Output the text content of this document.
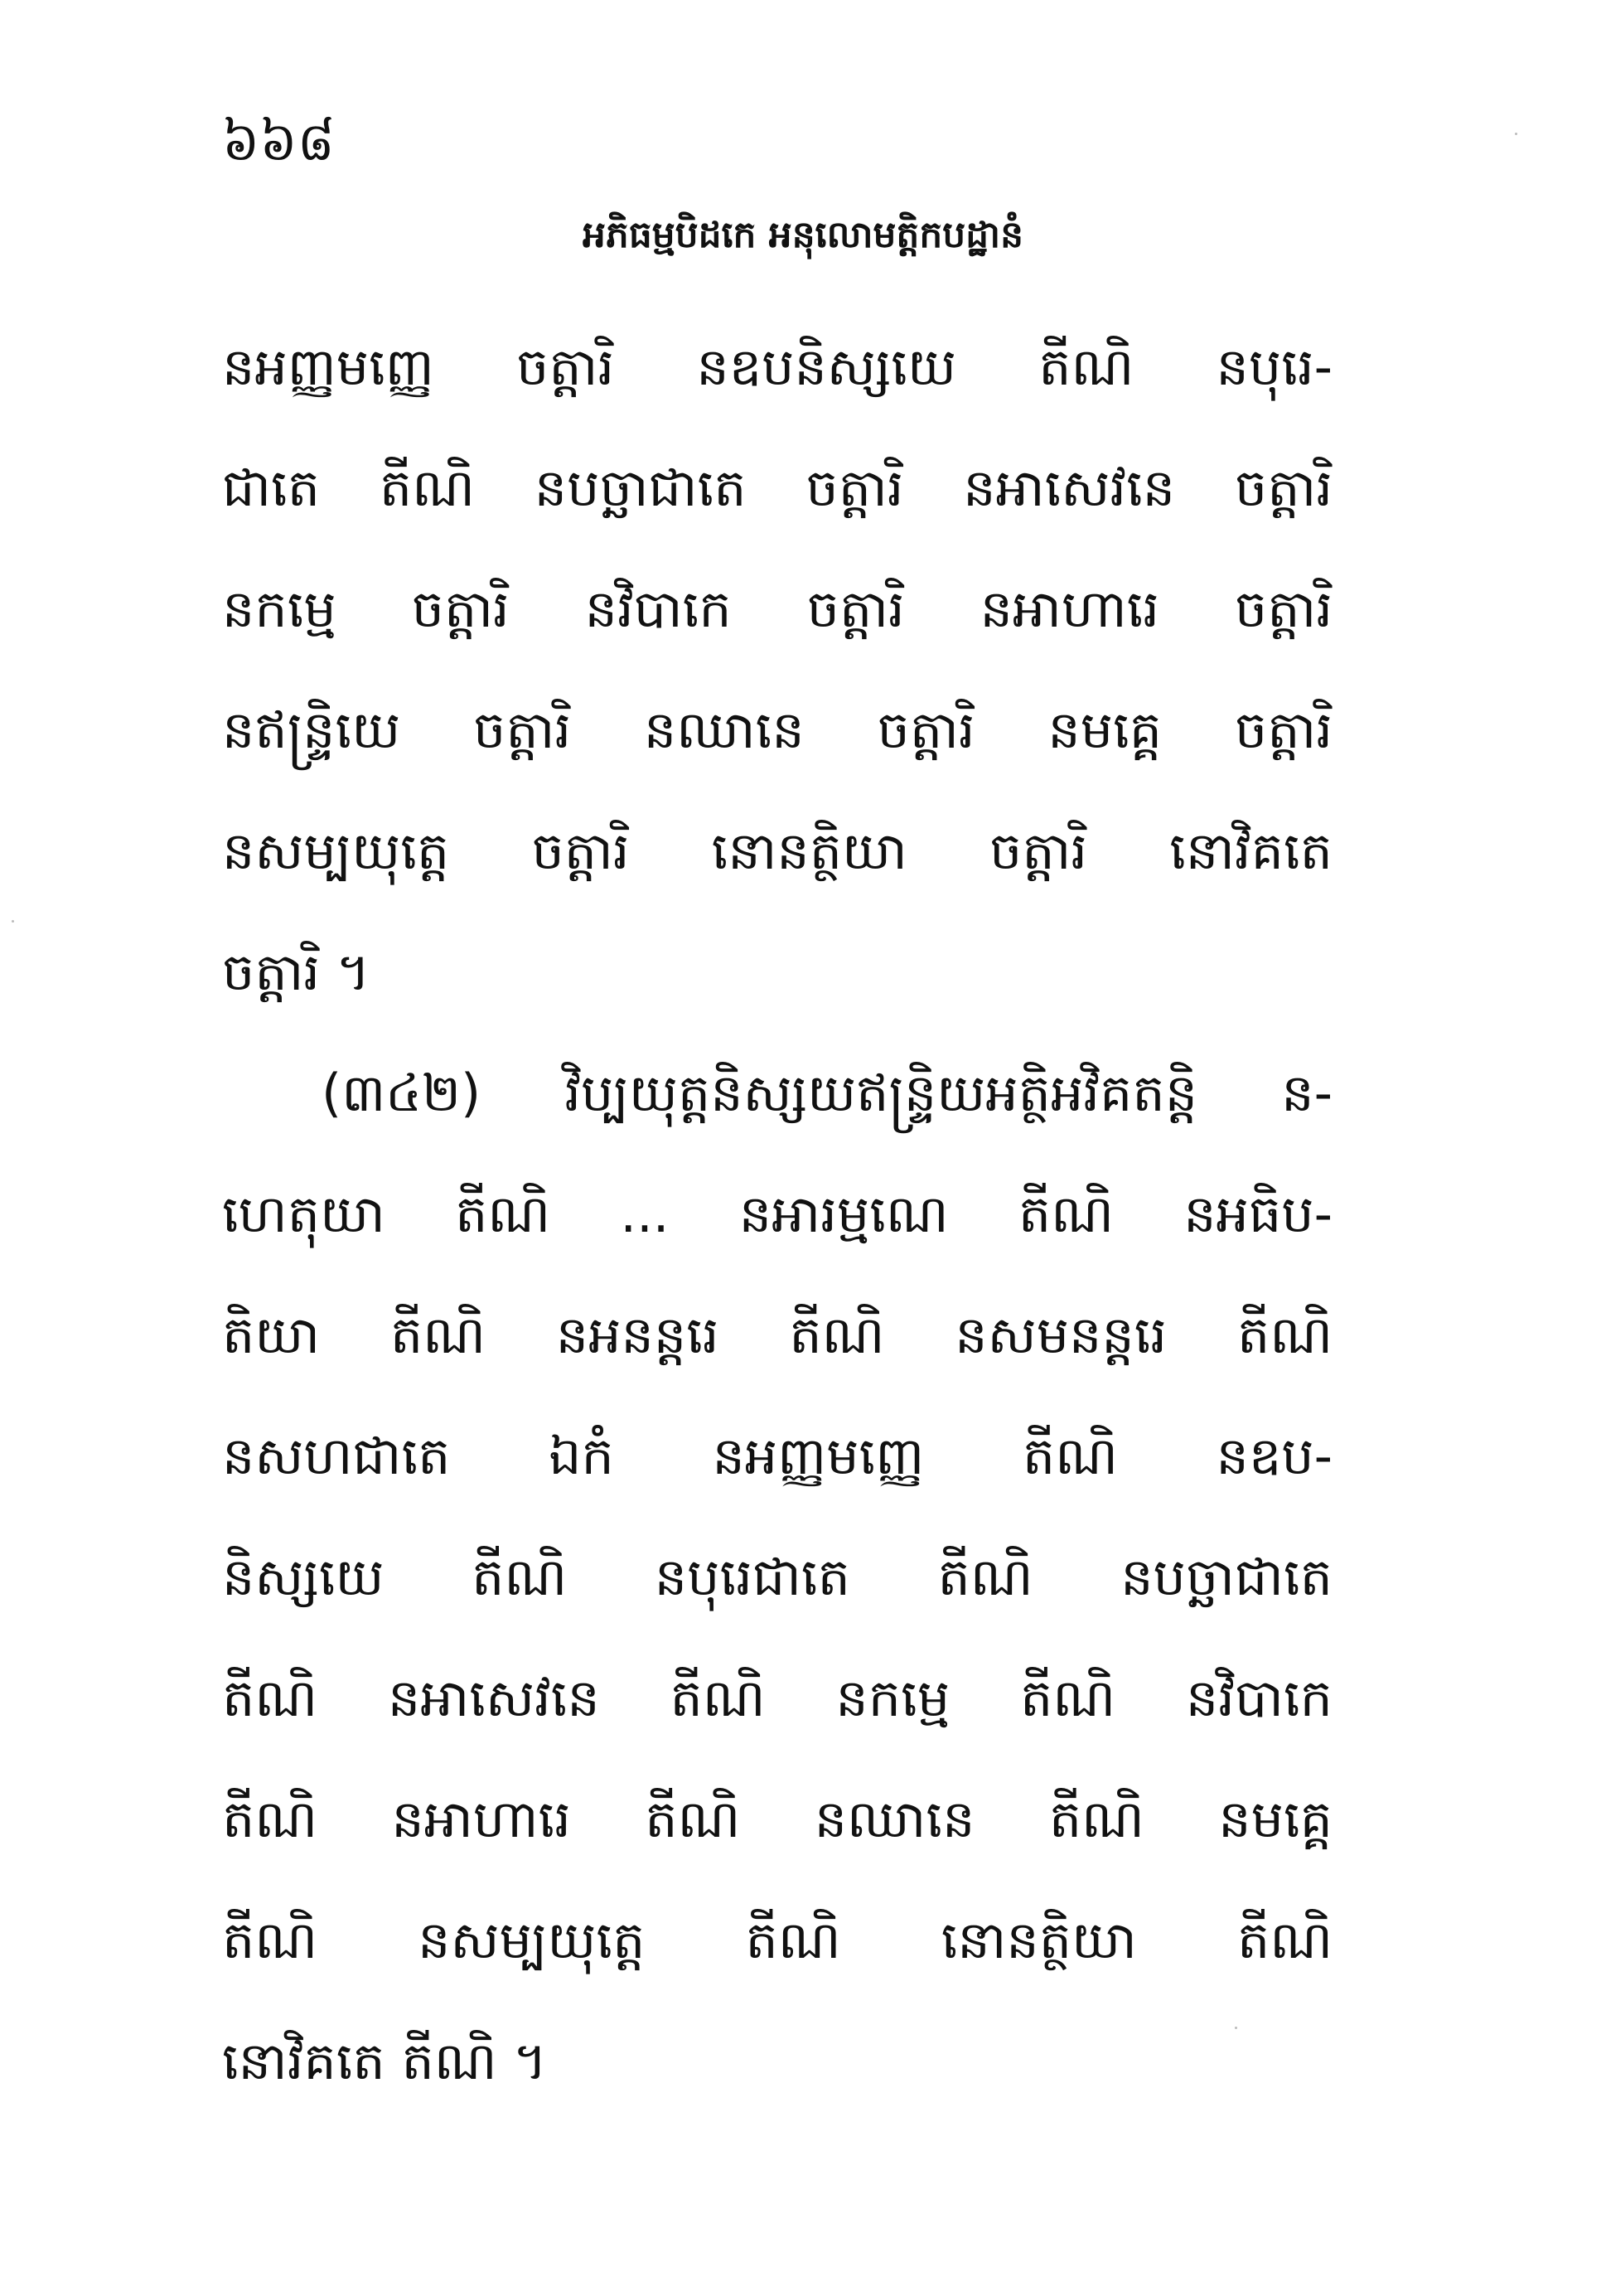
៦៦៨
អភិធម្មបិដកេ អនុលោមត្តិកបដ្ឋានំ
នអញ្ញមញ្ញេ ចត្តារិ នឧបនិស្សយេ តីណិ នបុរេ-
ជាតេ តីណិ នបច្ឆាជាតេ ចត្តារិ នអាសេវនេ ចត្តារិ
នកម្មេ ចត្តារិ នវិបាកេ ចត្តារិ នអាហារេ ចត្តារិ
នឥន្ទ្រិយេ ចត្តារិ នឈានេ ចត្តារិ នមគ្គេ ចត្តារិ
នសម្បយុត្តេ ចត្តារិ នោនត្ថិយា ចត្តារិ នោវិគតេ
ចត្តារិ ។
(៣៤២) វិប្បយុត្តនិស្សយឥន្ទ្រិយអត្ថិអវិគតន្តិ ន-
ហេតុយា តីណិ ... នអារម្មណេ តីណិ នអធិប-
តិយា តីណិ នអនន្តរេ តីណិ នសមនន្តរេ តីណិ
នសហជាតេ ឯកំ នអញ្ញមញ្ញេ តីណិ នឧប-
និស្សយេ តីណិ នបុរេជាតេ តីណិ នបច្ឆាជាតេ
តីណិ នអាសេវនេ តីណិ នកម្មេ តីណិ នវិបាកេ
តីណិ នអាហារេ តីណិ នឈានេ តីណិ នមគ្គេ
តីណិ នសម្បយុត្តេ តីណិ នោនត្ថិយា តីណិ
នោវិគតេ តីណិ ។
